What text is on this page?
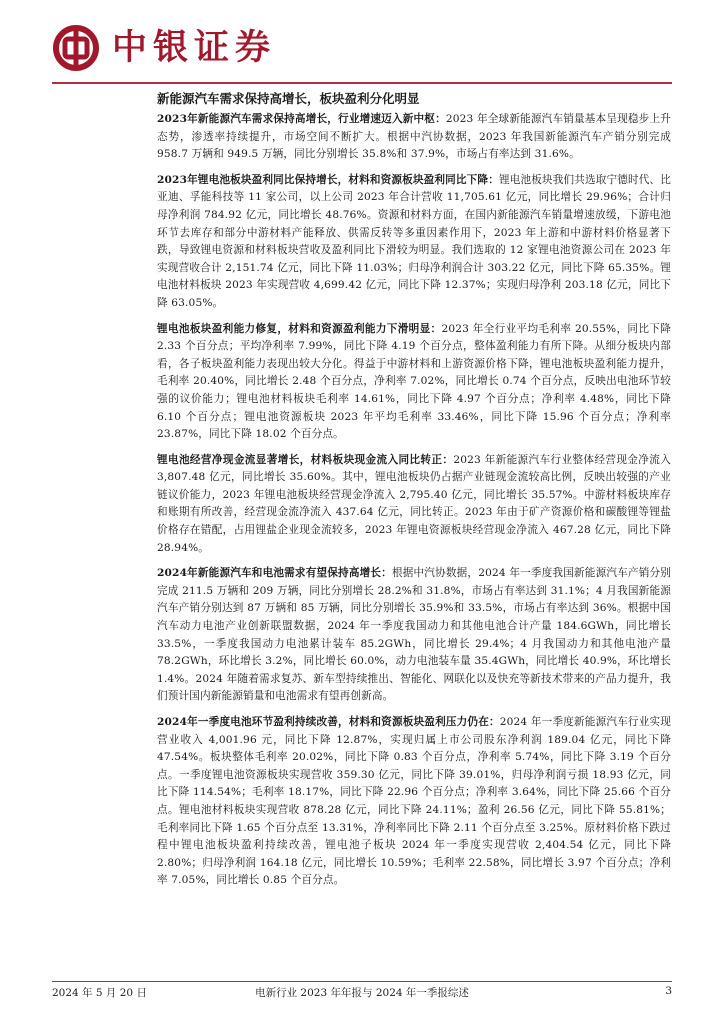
中银证券
新能源汽车需求保持高增长，板块盈利分化明显

2023年新能源汽车需求保持高增长，行业增速迈入新中枢：2023 年全球新能源汽车销量基本呈现稳步上升态势，渗透率持续提升，市场空间不断扩大。根据中汽协数据，2023 年我国新能源汽车产销分别完成 958.7 万辆和 949.5 万辆，同比分别增长 35.8%和 37.9%，市场占有率达到 31.6%。

2023年锂电池板块盈利同比保持增长，材料和资源板块盈利同比下降：锂电池板块我们共选取宁德时代、比亚迪、孚能科技等 11 家公司，以上公司 2023 年合计营收 11,705.61 亿元，同比增长 29.96%；合计归母净利润 784.92 亿元，同比增长 48.76%。资源和材料方面，在国内新能源汽车销量增速放缓，下游电池环节去库存和部分中游材料产能释放、供需反转等多重因素作用下，2023 年上游和中游材料价格显著下跌，导致锂电资源和材料板块营收及盈利同比下滑较为明显。我们选取的 12 家锂电池资源公司在 2023 年实现营收合计 2,151.74 亿元，同比下降 11.03%；归母净利润合计 303.22 亿元，同比下降 65.35%。锂电池材料板块 2023 年实现营收 4,699.42 亿元，同比下降 12.37%；实现归母净利 203.18 亿元，同比下降 63.05%。

锂电池板块盈利能力修复，材料和资源盈利能力下滑明显：2023 年全行业平均毛利率 20.55%，同比下降 2.33 个百分点；平均净利率 7.99%，同比下降 4.19 个百分点，整体盈利能力有所下降。从细分板块内部看，各子板块盈利能力表现出较大分化。得益于中游材料和上游资源价格下降，锂电池板块盈利能力提升，毛利率 20.40%，同比增长 2.48 个百分点，净利率 7.02%，同比增长 0.74 个百分点，反映出电池环节较强的议价能力；锂电池材料板块毛利率 14.61%，同比下降 4.97 个百分点；净利率 4.48%，同比下降 6.10 个百分点；锂电池资源板块 2023 年平均毛利率 33.46%，同比下降 15.96 个百分点；净利率 23.87%，同比下降 18.02 个百分点。

锂电池经营净现金流显著增长，材料板块现金流入同比转正：2023 年新能源汽车行业整体经营现金净流入 3,807.48 亿元，同比增长 35.60%。其中，锂电池板块仍占据产业链现金流较高比例，反映出较强的产业链议价能力，2023 年锂电池板块经营现金净流入 2,795.40 亿元，同比增长 35.57%。中游材料板块库存和账期有所改善，经营现金流净流入 437.64 亿元，同比转正。2023 年由于矿产资源价格和碳酸锂等锂盐价格存在错配，占用锂盐企业现金流较多，2023 年锂电资源板块经营现金净流入 467.28 亿元，同比下降 28.94%。

2024年新能源汽车和电池需求有望保持高增长：根据中汽协数据，2024 年一季度我国新能源汽车产销分别完成 211.5 万辆和 209 万辆，同比分别增长 28.2%和 31.8%，市场占有率达到 31.1%；4 月我国新能源汽车产销分别达到 87 万辆和 85 万辆，同比分别增长 35.9%和 33.5%，市场占有率达到 36%。根据中国汽车动力电池产业创新联盟数据，2024 年一季度我国动力和其他电池合计产量 184.6GWh，同比增长 33.5%，一季度我国动力电池累计装车 85.2GWh，同比增长 29.4%；4 月我国动力和其他电池产量 78.2GWh，环比增长 3.2%，同比增长 60.0%，动力电池装车量 35.4GWh，同比增长 40.9%，环比增长 1.4%。2024 年随着需求复苏、新车型持续推出、智能化、网联化以及快充等新技术带来的产品力提升，我们预计国内新能源销量和电池需求有望再创新高。

2024年一季度电池环节盈利持续改善，材料和资源板块盈利压力仍在：2024 年一季度新能源汽车行业实现营业收入 4,001.96 元，同比下降 12.87%，实现归属上市公司股东净利润 189.04 亿元，同比下降 47.54%。板块整体毛利率 20.02%，同比下降 0.83 个百分点，净利率 5.74%，同比下降 3.19 个百分点。一季度锂电池资源板块实现营收 359.30 亿元，同比下降 39.01%，归母净利润亏损 18.93 亿元，同比下降 114.54%；毛利率 18.17%，同比下降 22.96 个百分点；净利率 3.64%，同比下降 25.66 个百分点。锂电池材料板块实现营收 878.28 亿元，同比下降 24.11%；盈利 26.56 亿元，同比下降 55.81%；毛利率同比下降 1.65 个百分点至 13.31%，净利率同比下降 2.11 个百分点至 3.25%。原材料价格下跌过程中锂电池板块盈利持续改善，锂电池子板块 2024 年一季度实现营收 2,404.54 亿元，同比下降 2.80%；归母净利润 164.18 亿元，同比增长 10.59%；毛利率 22.58%，同比增长 3.97 个百分点；净利率 7.05%，同比增长 0.85 个百分点。

2024 年 5 月 20 日	电新行业 2023 年年报与 2024 年一季报综述	3
